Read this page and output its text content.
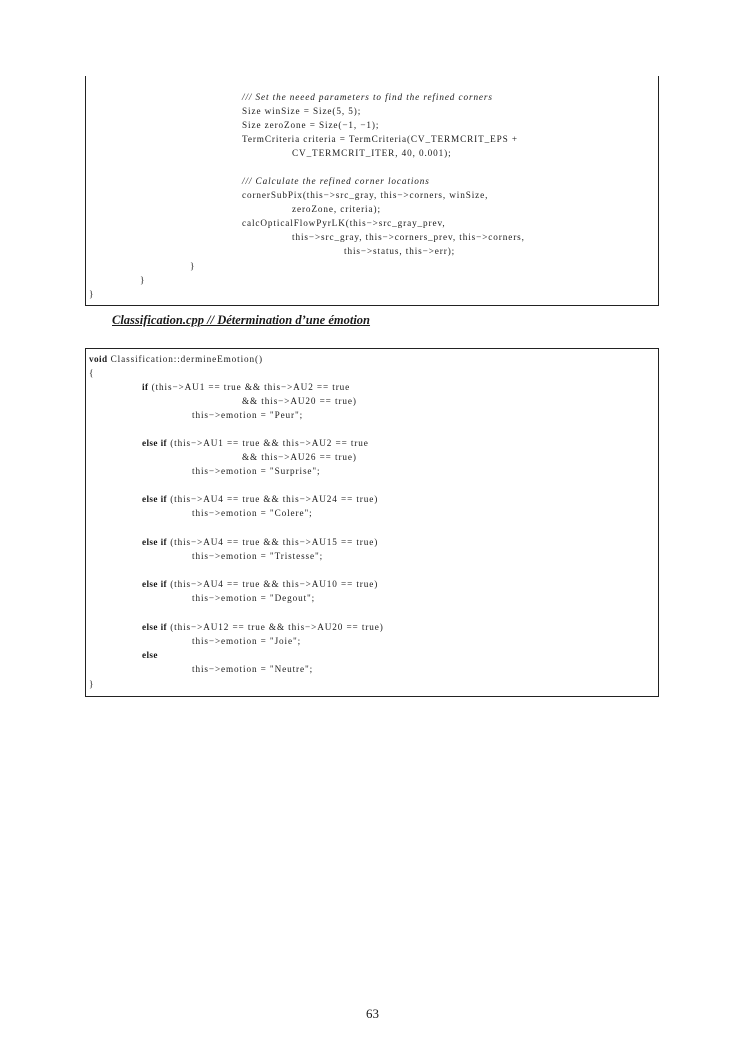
/// Set the neeed parameters to find the refined corners
Size winSize = Size(5, 5);
Size zeroZone = Size(−1, −1);
TermCriteria criteria = TermCriteria(CV_TERMCRIT_EPS +
CV_TERMCRIT_ITER, 40, 0.001);
/// Calculate the refined corner locations
cornerSubPix(this−>src_gray, this−>corners, winSize,
zeroZone, criteria);
calcOpticalFlowPyrLK(this−>src_gray_prev,
this−>src_gray, this−>corners_prev, this−>corners,
this−>status, this−>err);
}
}
}
Classification.cpp // Détermination d’une émotion
void Classification::dermineEmotion()
{
if (this−>AU1 == true && this−>AU2 == true
&& this−>AU20 == true)
this−>emotion = "Peur";
else if (this−>AU1 == true && this−>AU2 == true
&& this−>AU26 == true)
this−>emotion = "Surprise";
else if (this−>AU4 == true && this−>AU24 == true)
this−>emotion = "Colere";
else if (this−>AU4 == true && this−>AU15 == true)
this−>emotion = "Tristesse";
else if (this−>AU4 == true && this−>AU10 == true)
this−>emotion = "Degout";
else if (this−>AU12 == true && this−>AU20 == true)
this−>emotion = "Joie";
else
this−>emotion = "Neutre";
}
63
